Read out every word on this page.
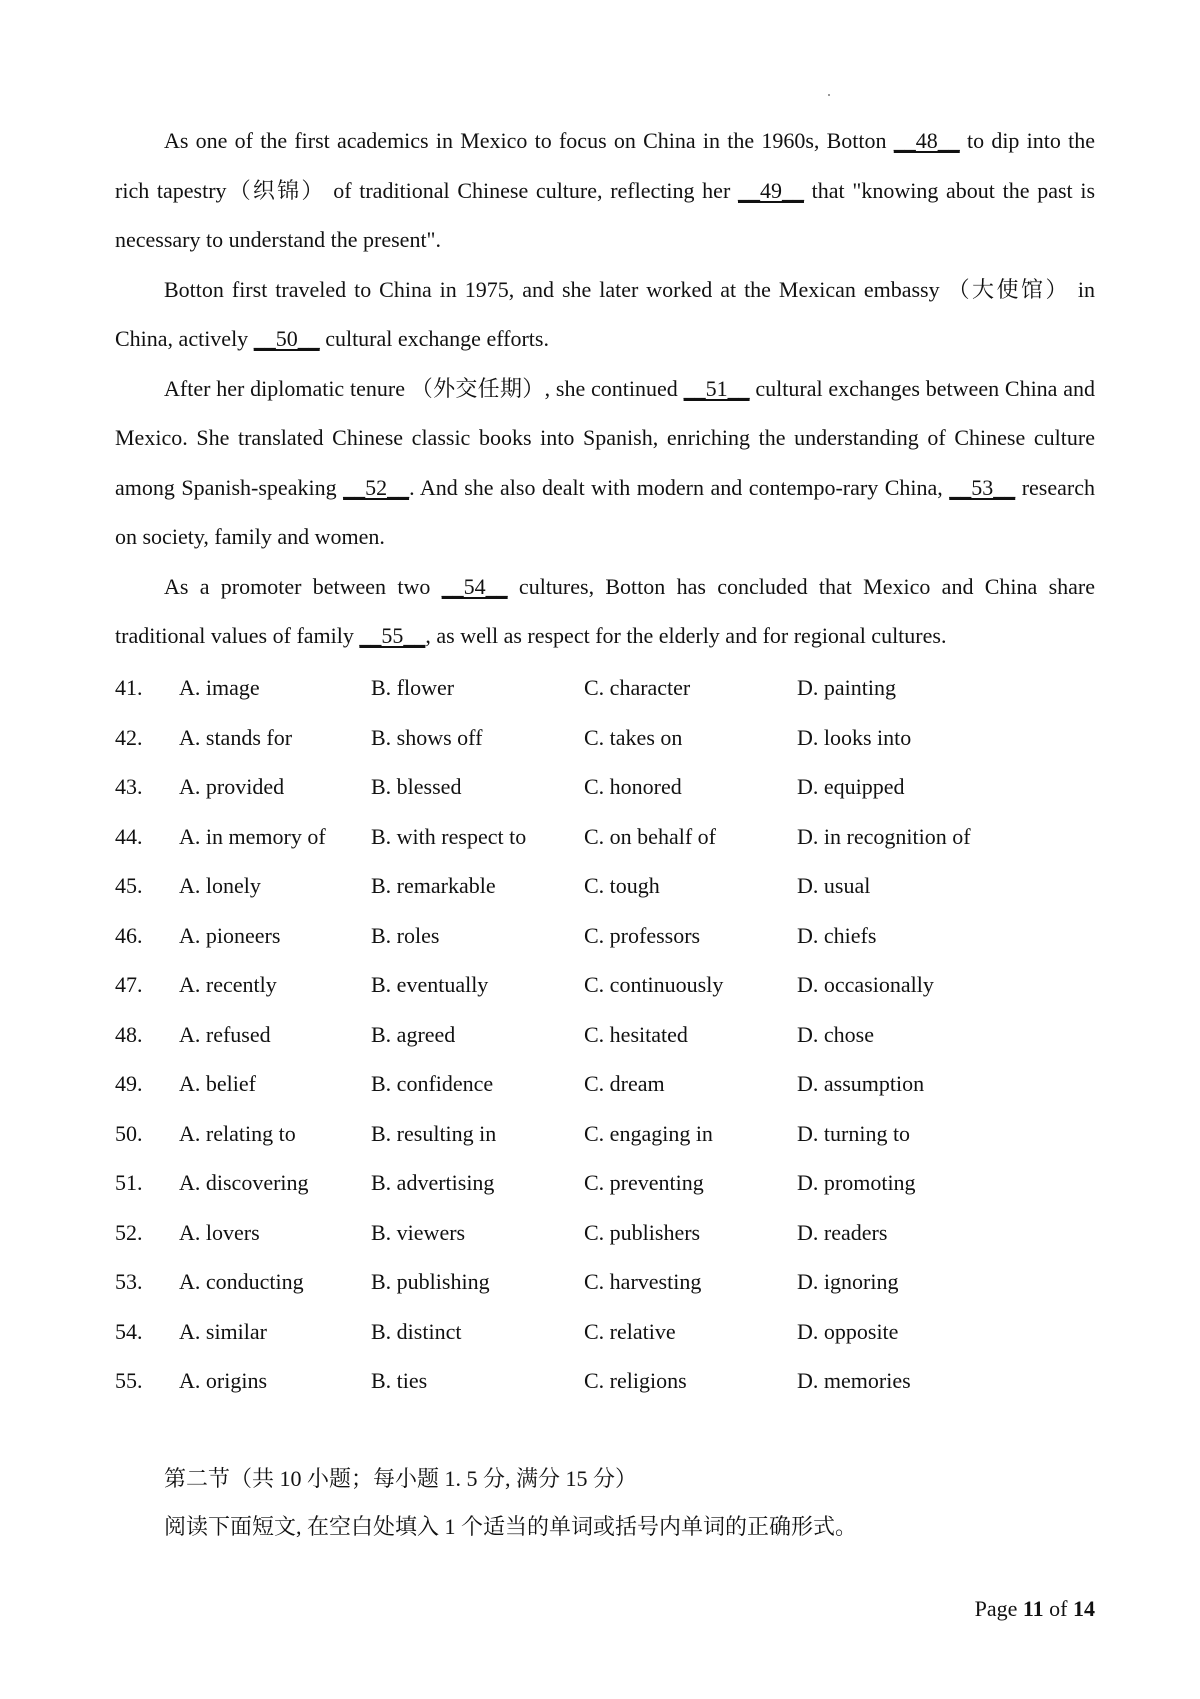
As one of the first academics in Mexico to focus on China in the 1960s, Botton __48__ to dip into the rich tapestry（织锦） of traditional Chinese culture, reflecting her __49__ that "knowing about the past is necessary to understand the present".

Botton first traveled to China in 1975, and she later worked at the Mexican embassy （大使馆） in China, actively __50__ cultural exchange efforts.

After her diplomatic tenure （外交任期）, she continued __51__ cultural exchanges between China and Mexico. She translated Chinese classic books into Spanish, enriching the understanding of Chinese culture among Spanish-speaking __52__. And she also dealt with modern and contempo-rary China, __53__ research on society, family and women.

As a promoter between two __54__ cultures, Botton has concluded that Mexico and China share traditional values of family __55__, as well as respect for the elderly and for regional cultures.

41. A. image	B. flower	C. character	D. painting
42. A. stands for	B. shows off	C. takes on	D. looks into
43. A. provided	B. blessed	C. honored	D. equipped
44. A. in memory of B. with respect to	C. on behalf of	D. in recognition of
45. A. lonely	B. remarkable	C. tough	D. usual
46. A. pioneers	B. roles	C. professors	D. chiefs
47. A. recently	B. eventually	C. continuously	D. occasionally
48. A. refused	B. agreed	C. hesitated	D. chose
49. A. belief	B. confidence	C. dream	D. assumption
50. A. relating to	B. resulting in	C. engaging in	D. turning to
51. A. discovering	B. advertising	C. preventing	D. promoting
52. A. lovers	B. viewers	C. publishers	D. readers
53. A. conducting	B. publishing	C. harvesting	D. ignoring
54. A. similar	B. distinct	C. relative	D. opposite
55. A. origins	B. ties	C. religions	D. memories
第二节（共 10 小题；每小题 1. 5 分, 满分 15 分）
阅读下面短文, 在空白处填入 1 个适当的单词或括号内单词的正确形式。
Page 11 of 14
